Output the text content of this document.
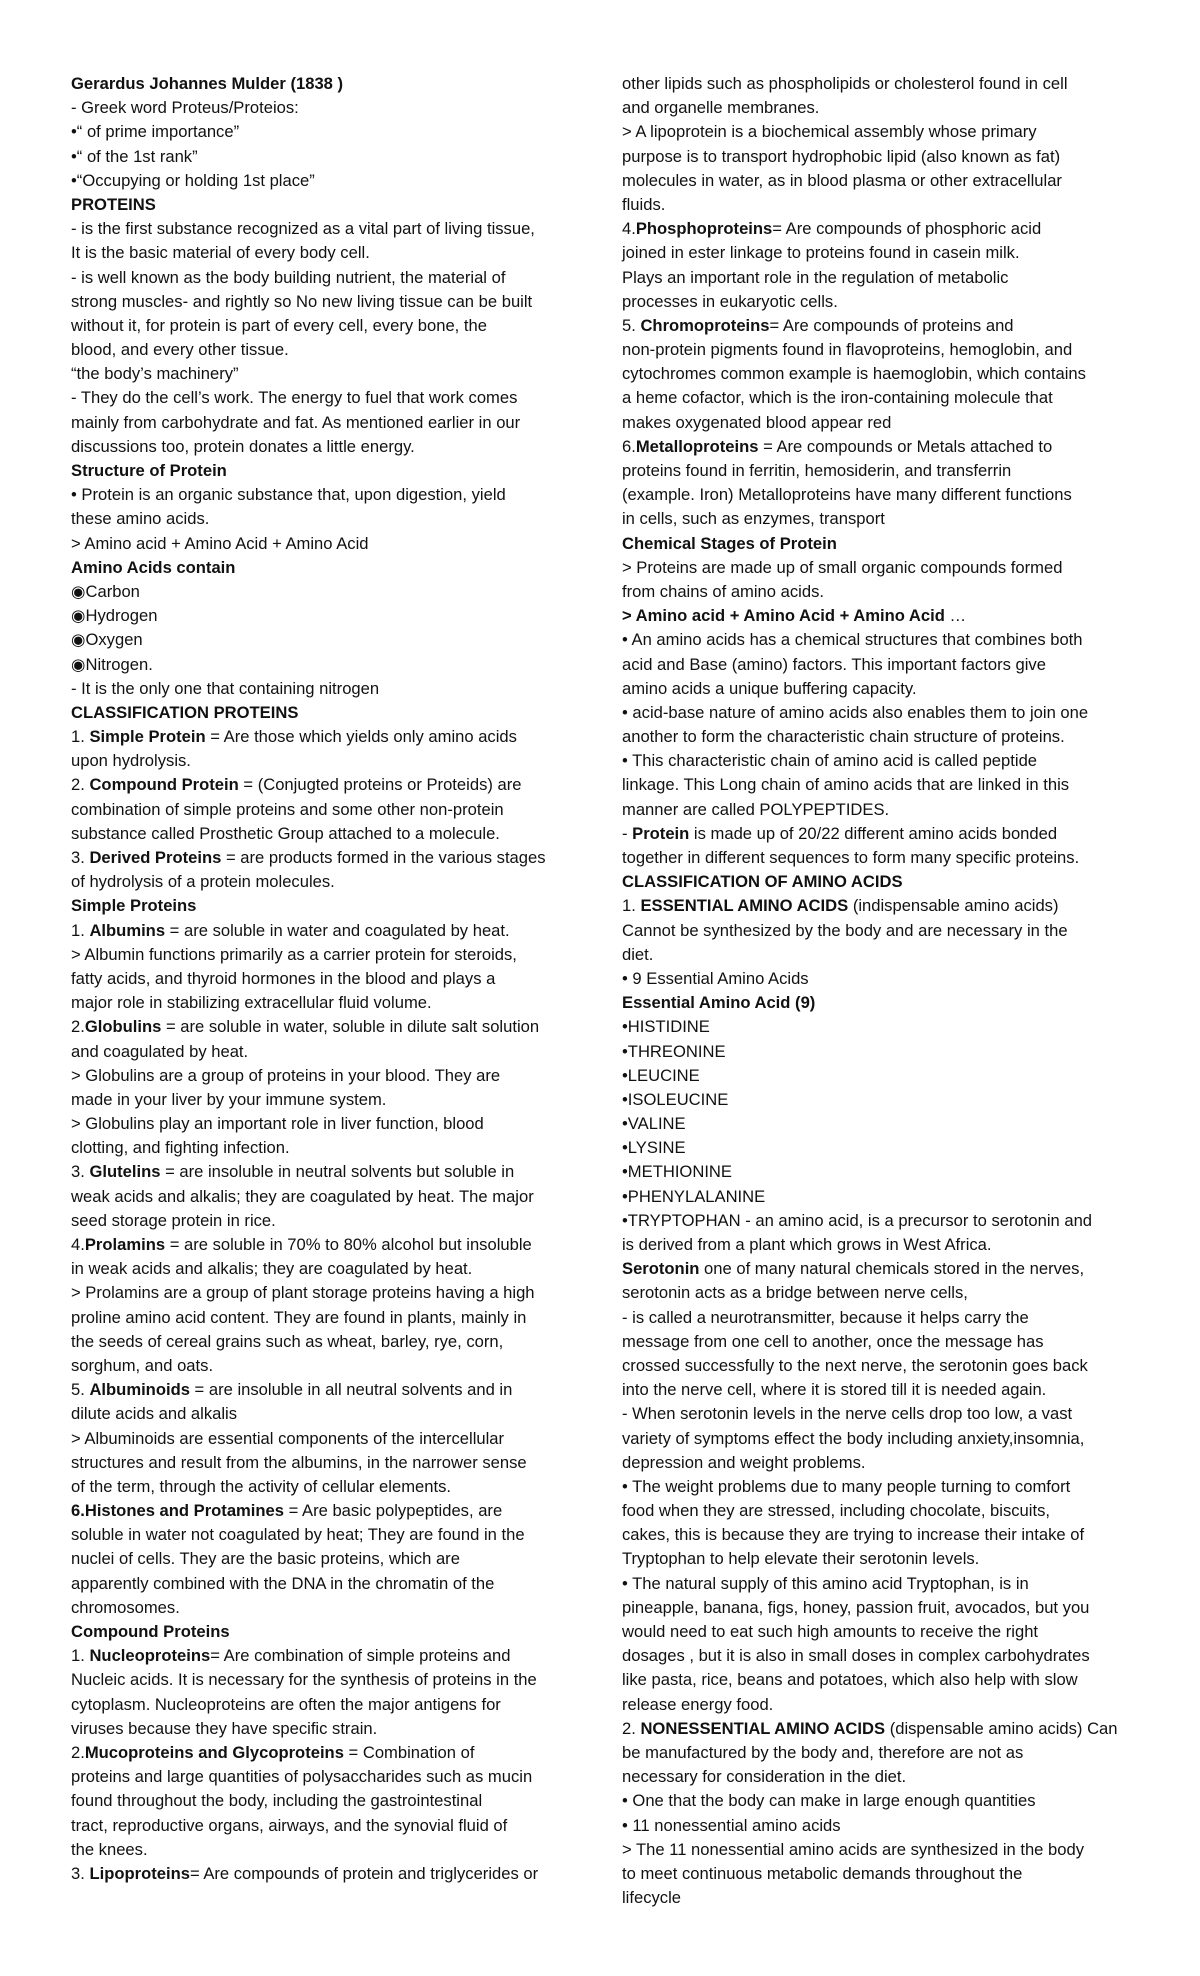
Gerardus Johannes Mulder (1838 )
- Greek word Proteus/Proteios:
•“ of prime importance”
•“ of the 1st rank”
•“Occupying or holding 1st place”
PROTEINS
- is the first substance recognized as a vital part of living tissue,
It is the basic material of every body cell.
- is well known as the body building nutrient, the material of
strong muscles- and rightly so No new living tissue can be built
without it, for protein is part of every cell, every bone, the
blood, and every other tissue.
“the body’s machinery”
- They do the cell’s work. The energy to fuel that work comes
mainly from carbohydrate and fat. As mentioned earlier in our
discussions too, protein donates a little energy.
Structure of Protein
• Protein is an organic substance that, upon digestion, yield
these amino acids.
> Amino acid + Amino Acid + Amino Acid
Amino Acids contain
◉Carbon
◉Hydrogen
◉Oxygen
◉Nitrogen.
- It is the only one that containing nitrogen
CLASSIFICATION PROTEINS
1. Simple Protein = Are those which yields only amino acids
upon hydrolysis.
2. Compound Protein = (Conjugted proteins or Proteids) are
combination of simple proteins and some other non-protein
substance called Prosthetic Group attached to a molecule.
3. Derived Proteins = are products formed in the various stages
of hydrolysis of a protein molecules.
Simple Proteins
1. Albumins = are soluble in water and coagulated by heat.
> Albumin functions primarily as a carrier protein for steroids,
fatty acids, and thyroid hormones in the blood and plays a
major role in stabilizing extracellular fluid volume.
2.Globulins = are soluble in water, soluble in dilute salt solution
and coagulated by heat.
> Globulins are a group of proteins in your blood. They are
made in your liver by your immune system.
> Globulins play an important role in liver function, blood
clotting, and fighting infection.
3. Glutelins = are insoluble in neutral solvents but soluble in
weak acids and alkalis; they are coagulated by heat. The major
seed storage protein in rice.
4.Prolamins = are soluble in 70% to 80% alcohol but insoluble
in weak acids and alkalis; they are coagulated by heat.
> Prolamins are a group of plant storage proteins having a high
proline amino acid content. They are found in plants, mainly in
the seeds of cereal grains such as wheat, barley, rye, corn,
sorghum, and oats.
5. Albuminoids = are insoluble in all neutral solvents and in
dilute acids and alkalis
> Albuminoids are essential components of the intercellular
structures and result from the albumins, in the narrower sense
of the term, through the activity of cellular elements.
6.Histones and Protamines = Are basic polypeptides, are
soluble in water not coagulated by heat; They are found in the
nuclei of cells. They are the basic proteins, which are
apparently combined with the DNA in the chromatin of the
chromosomes.
Compound Proteins
1. Nucleoproteins= Are combination of simple proteins and
Nucleic acids. It is necessary for the synthesis of proteins in the
cytoplasm. Nucleoproteins are often the major antigens for
viruses because they have specific strain.
2.Mucoproteins and Glycoproteins = Combination of
proteins and large quantities of polysaccharides such as mucin
found throughout the body, including the gastrointestinal
tract, reproductive organs, airways, and the synovial fluid of
the knees.
3. Lipoproteins= Are compounds of protein and triglycerides or
other lipids such as phospholipids or cholesterol found in cell
and organelle membranes.
> A lipoprotein is a biochemical assembly whose primary
purpose is to transport hydrophobic lipid (also known as fat)
molecules in water, as in blood plasma or other extracellular
fluids.
4.Phosphoproteins= Are compounds of phosphoric acid
joined in ester linkage to proteins found in casein milk.
Plays an important role in the regulation of metabolic
processes in eukaryotic cells.
5. Chromoproteins= Are compounds of proteins and
non-protein pigments found in flavoproteins, hemoglobin, and
cytochromes common example is haemoglobin, which contains
a heme cofactor, which is the iron-containing molecule that
makes oxygenated blood appear red
6.Metalloproteins = Are compounds or Metals attached to
proteins found in ferritin, hemosiderin, and transferrin
(example. Iron) Metalloproteins have many different functions
in cells, such as enzymes, transport
Chemical Stages of Protein
> Proteins are made up of small organic compounds formed
from chains of amino acids.
> Amino acid + Amino Acid + Amino Acid …
• An amino acids has a chemical structures that combines both
acid and Base (amino) factors. This important factors give
amino acids a unique buffering capacity.
• acid-base nature of amino acids also enables them to join one
another to form the characteristic chain structure of proteins.
• This characteristic chain of amino acid is called peptide
linkage. This Long chain of amino acids that are linked in this
manner are called POLYPEPTIDES.
- Protein is made up of 20/22 different amino acids bonded
together in different sequences to form many specific proteins.
CLASSIFICATION OF AMINO ACIDS
1. ESSENTIAL AMINO ACIDS (indispensable amino acids)
Cannot be synthesized by the body and are necessary in the
diet.
• 9 Essential Amino Acids
Essential Amino Acid (9)
•HISTIDINE
•THREONINE
•LEUCINE
•ISOLEUCINE
•VALINE
•LYSINE
•METHIONINE
•PHENYLALANINE
•TRYPTOPHAN - an amino acid, is a precursor to serotonin and
is derived from a plant which grows in West Africa.
Serotonin one of many natural chemicals stored in the nerves,
serotonin acts as a bridge between nerve cells,
- is called a neurotransmitter, because it helps carry the
message from one cell to another, once the message has
crossed successfully to the next nerve, the serotonin goes back
into the nerve cell, where it is stored till it is needed again.
- When serotonin levels in the nerve cells drop too low, a vast
variety of symptoms effect the body including anxiety,insomnia,
depression and weight problems.
• The weight problems due to many people turning to comfort
food when they are stressed, including chocolate, biscuits,
cakes, this is because they are trying to increase their intake of
Tryptophan to help elevate their serotonin levels.
• The natural supply of this amino acid Tryptophan, is in
pineapple, banana, figs, honey, passion fruit, avocados, but you
would need to eat such high amounts to receive the right
dosages , but it is also in small doses in complex carbohydrates
like pasta, rice, beans and potatoes, which also help with slow
release energy food.
2. NONESSENTIAL AMINO ACIDS (dispensable amino acids) Can
be manufactured by the body and, therefore are not as
necessary for consideration in the diet.
• One that the body can make in large enough quantities
• 11 nonessential amino acids
> The 11 nonessential amino acids are synthesized in the body
to meet continuous metabolic demands throughout the
lifecycle
